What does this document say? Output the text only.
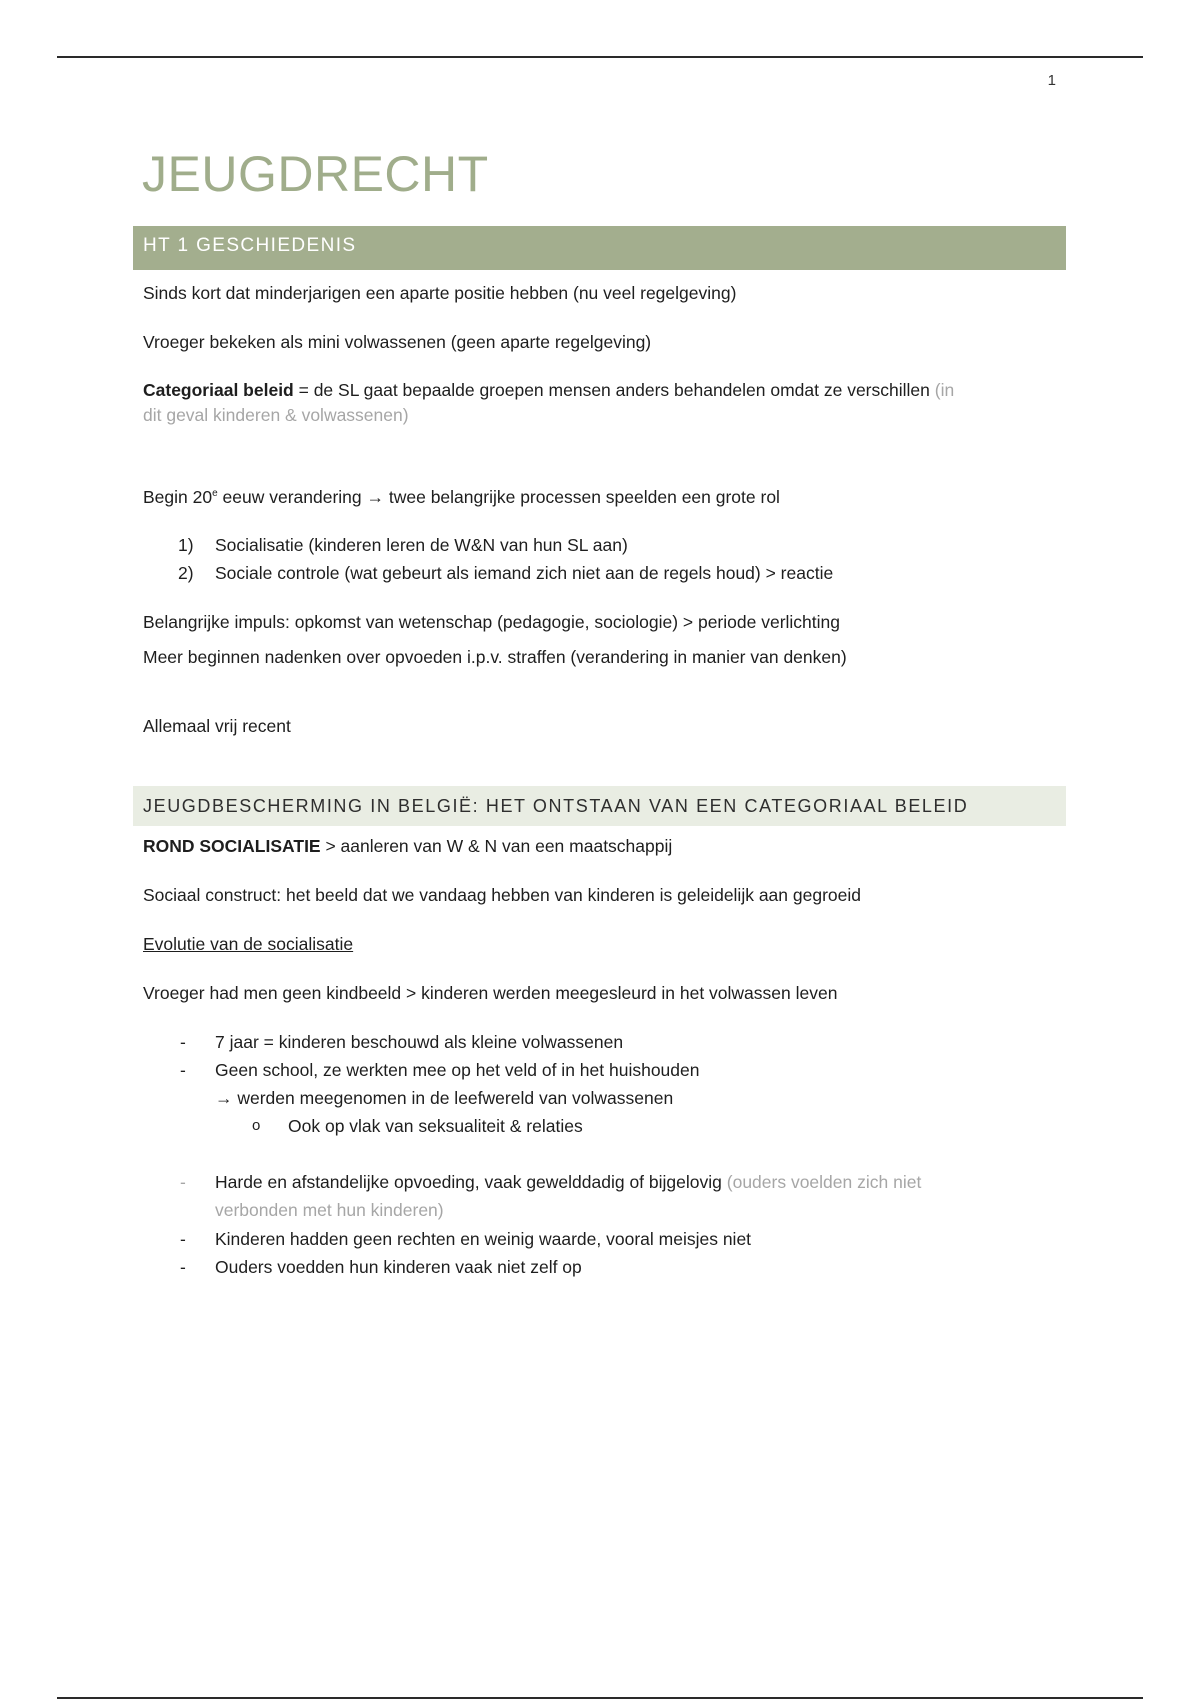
1
JEUGDRECHT
HT 1 GESCHIEDENIS
Sinds kort dat minderjarigen een aparte positie hebben (nu veel regelgeving)
Vroeger bekeken als mini volwassenen (geen aparte regelgeving)
Categoriaal beleid = de SL gaat bepaalde groepen mensen anders behandelen omdat ze verschillen (in
dit geval kinderen & volwassenen)
Begin 20e eeuw verandering → twee belangrijke processen speelden een grote rol
1) Socialisatie (kinderen leren de W&N van hun SL aan)
2) Sociale controle (wat gebeurt als iemand zich niet aan de regels houd) > reactie
Belangrijke impuls: opkomst van wetenschap (pedagogie, sociologie) > periode verlichting
Meer beginnen nadenken over opvoeden i.p.v. straffen (verandering in manier van denken)
Allemaal vrij recent
JEUGDBESCHERMING IN BELGIË: HET ONTSTAAN VAN EEN CATEGORIAAL BELEID
ROND SOCIALISATIE > aanleren van W & N van een maatschappij
Sociaal construct: het beeld dat we vandaag hebben van kinderen is geleidelijk aan gegroeid
Evolutie van de socialisatie
Vroeger had men geen kindbeeld > kinderen werden meegesleurd in het volwassen leven
- 7 jaar = kinderen beschouwd als kleine volwassenen
- Geen school, ze werkten mee op het veld of in het huishouden
→ werden meegenomen in de leefwereld van volwassenen
o Ook op vlak van seksualiteit & relaties
- Harde en afstandelijke opvoeding, vaak gewelddadig of bijgelovig (ouders voelden zich niet
verbonden met hun kinderen)
- Kinderen hadden geen rechten en weinig waarde, vooral meisjes niet
- Ouders voedden hun kinderen vaak niet zelf op
